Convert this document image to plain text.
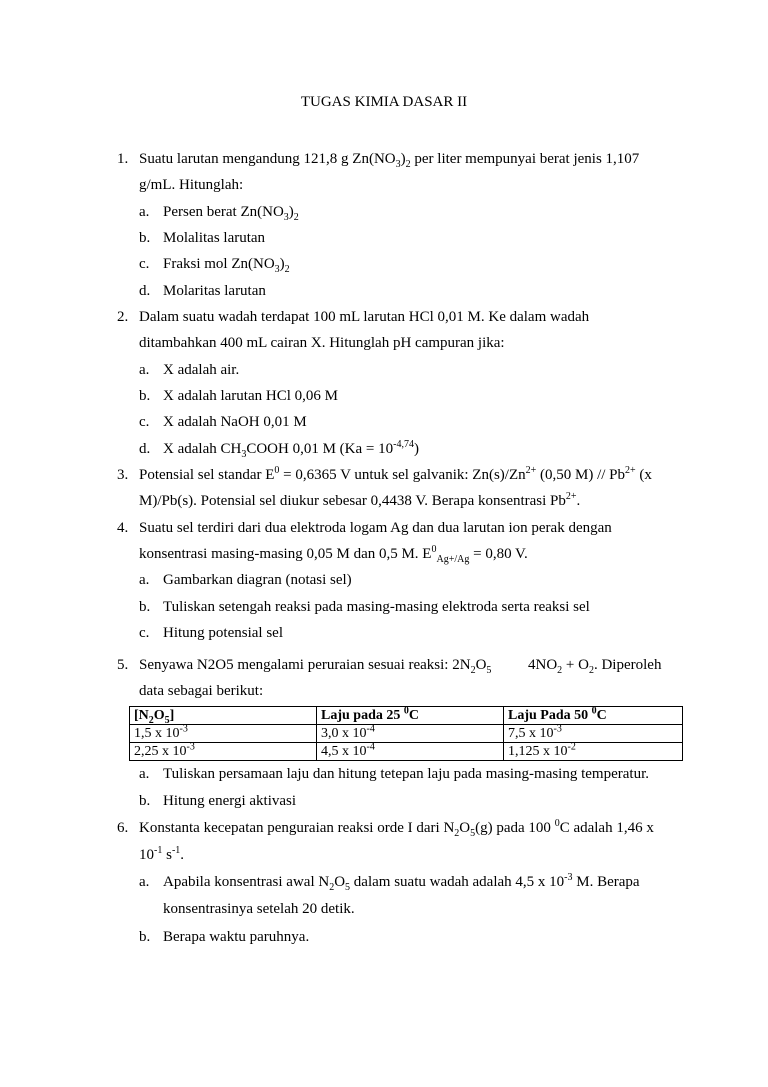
TUGAS KIMIA DASAR II
1. Suatu larutan mengandung 121,8 g $Zn(NO_3)_2$ per liter mempunyai berat jenis 1,107
g/mL. Hitunglah:
a. Persen berat $Zn(NO_3)_2$
b. Molalitas larutan
c. Fraksi mol $Zn(NO_3)_2$
d. Molaritas larutan
2. Dalam suatu wadah terdapat 100 mL larutan HCl 0,01 M. Ke dalam wadah
ditambahkan 400 mL cairan X. Hitunglah pH campuran jika:
a. X adalah air.
b. X adalah larutan HCl 0,06 M
c. X adalah NaOH 0,01 M
d. X adalah $CH_3COOH$ 0,01 M $(Ka = 10^{-4,74})$
3. Potensial sel standar $E^0 = 0,6365$ V untuk sel galvanik: $Zn(s)/Zn^{2+}$ (0,50 $M) // Pb^{2+}$ (x
M)/Pb(s). Potensial sel diukur sebesar 0,4438 V. Berapa konsentrasi $Pb^{2+}$.
4. Suatu sel terdiri dari dua elektroda logam Ag dan dua larutan ion perak dengan
konsentrasi masing-masing 0,05 M dan 0,5 M. $E^0_{Ag+/Ag} = 0,80$ V.
a. Gambarkan diagran (notasi sel)
b. Tuliskan setengah reaksi pada masing-masing elektroda serta reaksi sel
c. Hitung potensial sel
5. Senyawa N2O5 mengalami peruraian sesuai reaksi: $2N_2O_5$ $4NO_2 + O_2$. Diperoleh
data sebagai berikut:
$[N_2O_5]$	Laju pada 25 $^0$C	Laju Pada 50 $^0$C
1,5 x $10^{-3}$	3,0 x $10^{-4}$	7,5 x $10^{-3}$
2,25 x $10^{-3}$	4,5 x $10^{-4}$	1,125 x $10^{-2}$
a. Tuliskan persamaan laju dan hitung tetepan laju pada masing-masing temperatur.
b. Hitung energi aktivasi
6. Konstanta kecepatan penguraian reaksi orde I dari $N_2O_5(g)$ pada 100 $^0$C adalah 1,46 x
$10^{-1}$ $s^{-1}$.
a. Apabila konsentrasi awal $N_2O_5$ dalam suatu wadah adalah 4,5 x $10^{-3}$ M. Berapa
konsentrasinya setelah 20 detik.
b. Berapa waktu paruhnya.
